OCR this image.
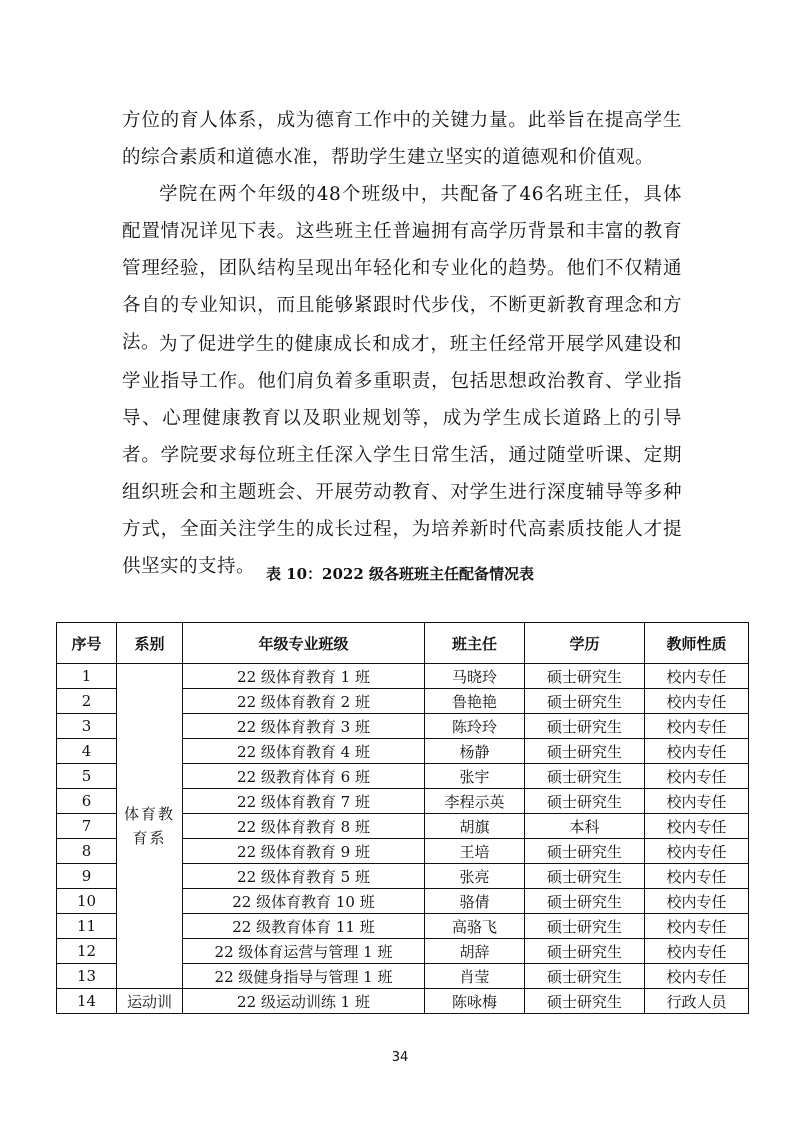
方位的育人体系，成为德育工作中的关键力量。此举旨在提高学生的综合素质和道德水准，帮助学生建立坚实的道德观和价值观。

学院在两个年级的48个班级中，共配备了46名班主任，具体配置情况详见下表。这些班主任普遍拥有高学历背景和丰富的教育管理经验，团队结构呈现出年轻化和专业化的趋势。他们不仅精通各自的专业知识，而且能够紧跟时代步伐，不断更新教育理念和方法。

为了促进学生的健康成长和成才，班主任经常开展学风建设和学业指导工作。他们肩负着多重职责，包括思想政治教育、学业指导、心理健康教育以及职业规划等，成为学生成长道路上的引导者。学院要求每位班主任深入学生日常生活，通过随堂听课、定期组织班会和主题班会、开展劳动教育、对学生进行深度辅导等多种方式，全面关注学生的成长过程，为培养新时代高素质技能人才提供坚实的支持。 表 10：2022 级各班班主任配备情况表
序号	系别	年级专业班级	班主任	学历	教师性质
1	体育教育系	22 级体育教育 1 班	马晓玲	硕士研究生	校内专任
2		22 级体育教育 2 班	鲁艳艳	硕士研究生	校内专任
3		22 级体育教育 3 班	陈玲玲	硕士研究生	校内专任
4		22 级体育教育 4 班	杨静	硕士研究生	校内专任
5		22 级教育体育 6 班	张宇	硕士研究生	校内专任
6		22 级体育教育 7 班	李程示英	硕士研究生	校内专任
7		22 级体育教育 8 班	胡旗	本科	校内专任
8		22 级体育教育 9 班	王培	硕士研究生	校内专任
9		22 级体育教育 5 班	张亮	硕士研究生	校内专任
10		22 级体育教育 10 班	骆倩	硕士研究生	校内专任
11		22 级教育体育 11 班	高骆飞	硕士研究生	校内专任
12		22 级体育运营与管理 1 班	胡辞	硕士研究生	校内专任
13		22 级健身指导与管理 1 班	肖莹	硕士研究生	校内专任
14	运动训	22 级运动训练 1 班	陈咏梅	硕士研究生	行政人员
34
